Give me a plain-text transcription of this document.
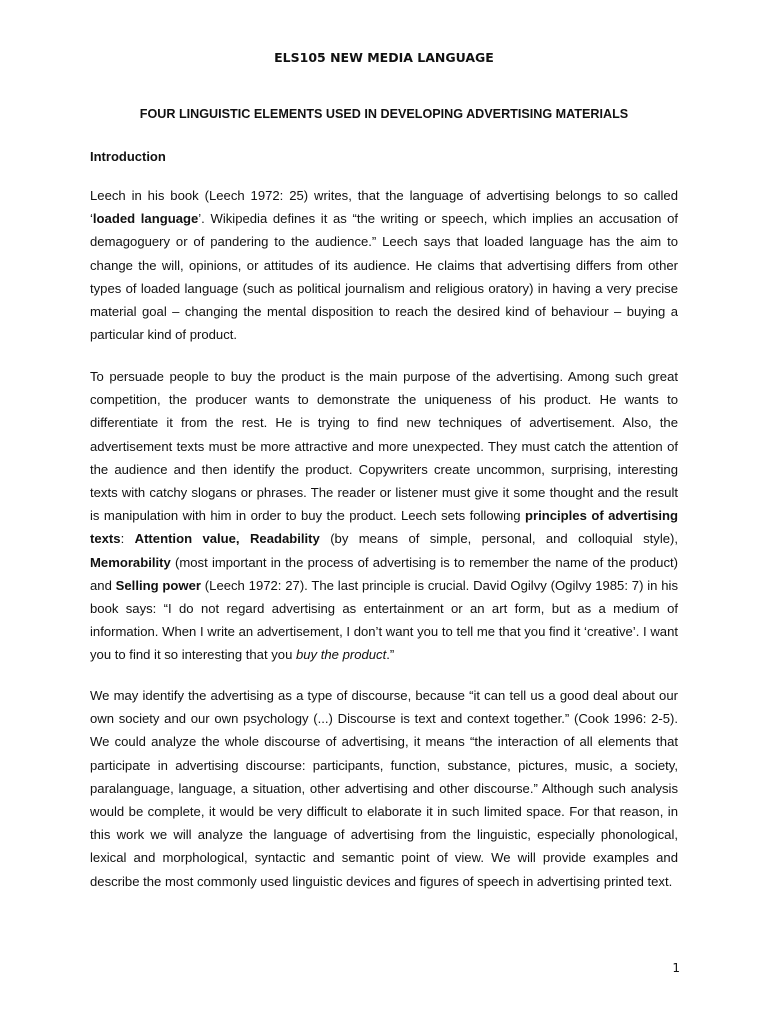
ELS105 NEW MEDIA LANGUAGE
FOUR LINGUISTIC ELEMENTS USED IN DEVELOPING ADVERTISING MATERIALS
Introduction

Leech in his book (Leech 1972: 25) writes, that the language of advertising belongs to so called ‘loaded language’. Wikipedia defines it as “the writing or speech, which implies an accusation of demagoguery or of pandering to the audience.” Leech says that loaded language has the aim to change the will, opinions, or attitudes of its audience. He claims that advertising differs from other types of loaded language (such as political journalism and religious oratory) in having a very precise material goal – changing the mental disposition to reach the desired kind of behaviour – buying a particular kind of product.

To persuade people to buy the product is the main purpose of the advertising. Among such great competition, the producer wants to demonstrate the uniqueness of his product. He wants to differentiate it from the rest. He is trying to find new techniques of advertisement. Also, the advertisement texts must be more attractive and more unexpected. They must catch the attention of the audience and then identify the product. Copywriters create uncommon, surprising, interesting texts with catchy slogans or phrases. The reader or listener must give it some thought and the result is manipulation with him in order to buy the product. Leech sets following principles of advertising texts: Attention value, Readability (by means of simple, personal, and colloquial style), Memorability (most important in the process of advertising is to remember the name of the product) and Selling power (Leech 1972: 27). The last principle is crucial. David Ogilvy (Ogilvy 1985: 7) in his book says: “I do not regard advertising as entertainment or an art form, but as a medium of information. When I write an advertisement, I don’t want you to tell me that you find it ‘creative’. I want you to find it so interesting that you buy the product.”

We may identify the advertising as a type of discourse, because “it can tell us a good deal about our own society and our own psychology (...) Discourse is text and context together.” (Cook 1996: 2-5). We could analyze the whole discourse of advertising, it means “the interaction of all elements that participate in advertising discourse: participants, function, substance, pictures, music, a society, paralanguage, language, a situation, other advertising and other discourse.” Although such analysis would be complete, it would be very difficult to elaborate it in such limited space. For that reason, in this work we will analyze the language of advertising from the linguistic, especially phonological, lexical and morphological, syntactic and semantic point of view. We will provide examples and describe the most commonly used linguistic devices and figures of speech in advertising printed text.

1
